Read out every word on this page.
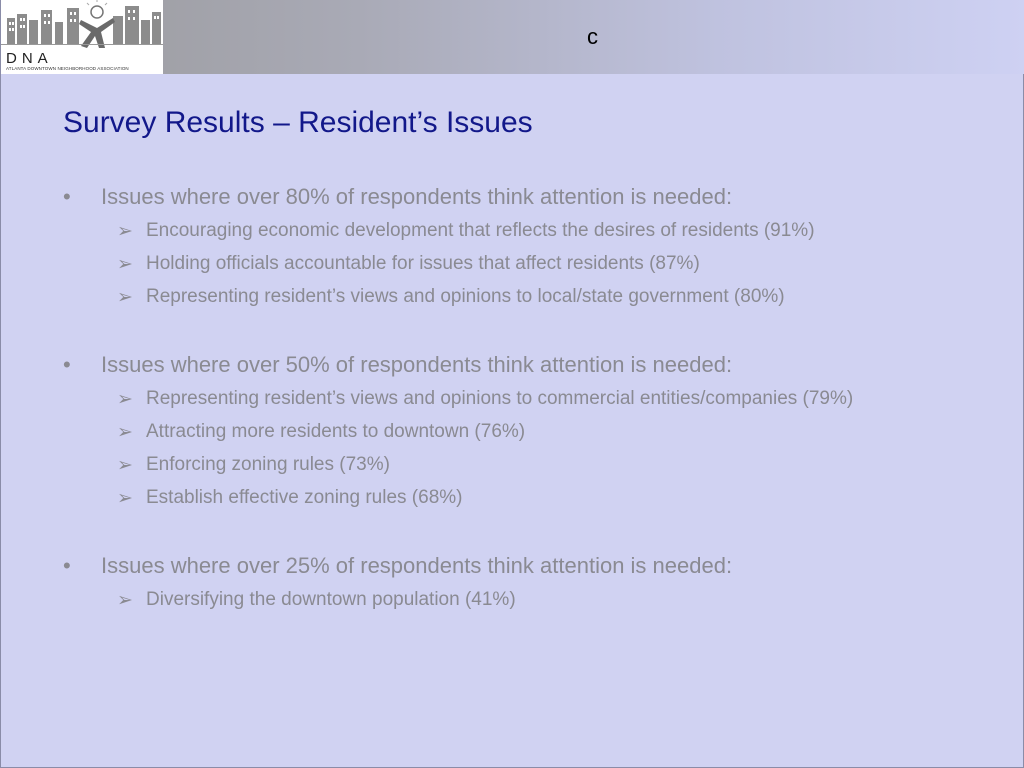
DNA
ATLANTA DOWNTOWN NEIGHBORHOOD ASSOCIATION
c
Survey Results – Resident’s Issues
• Issues where over 80% of respondents think attention is needed:
➢ Encouraging economic development that reflects the desires of residents (91%)
➢ Holding officials accountable for issues that affect residents (87%)
➢ Representing resident’s views and opinions to local/state government (80%)
• Issues where over 50% of respondents think attention is needed:
➢ Representing resident’s views and opinions to commercial entities/companies (79%)
➢ Attracting more residents to downtown (76%)
➢ Enforcing zoning rules (73%)
➢ Establish effective zoning rules (68%)
• Issues where over 25% of respondents think attention is needed:
➢ Diversifying the downtown population (41%)
